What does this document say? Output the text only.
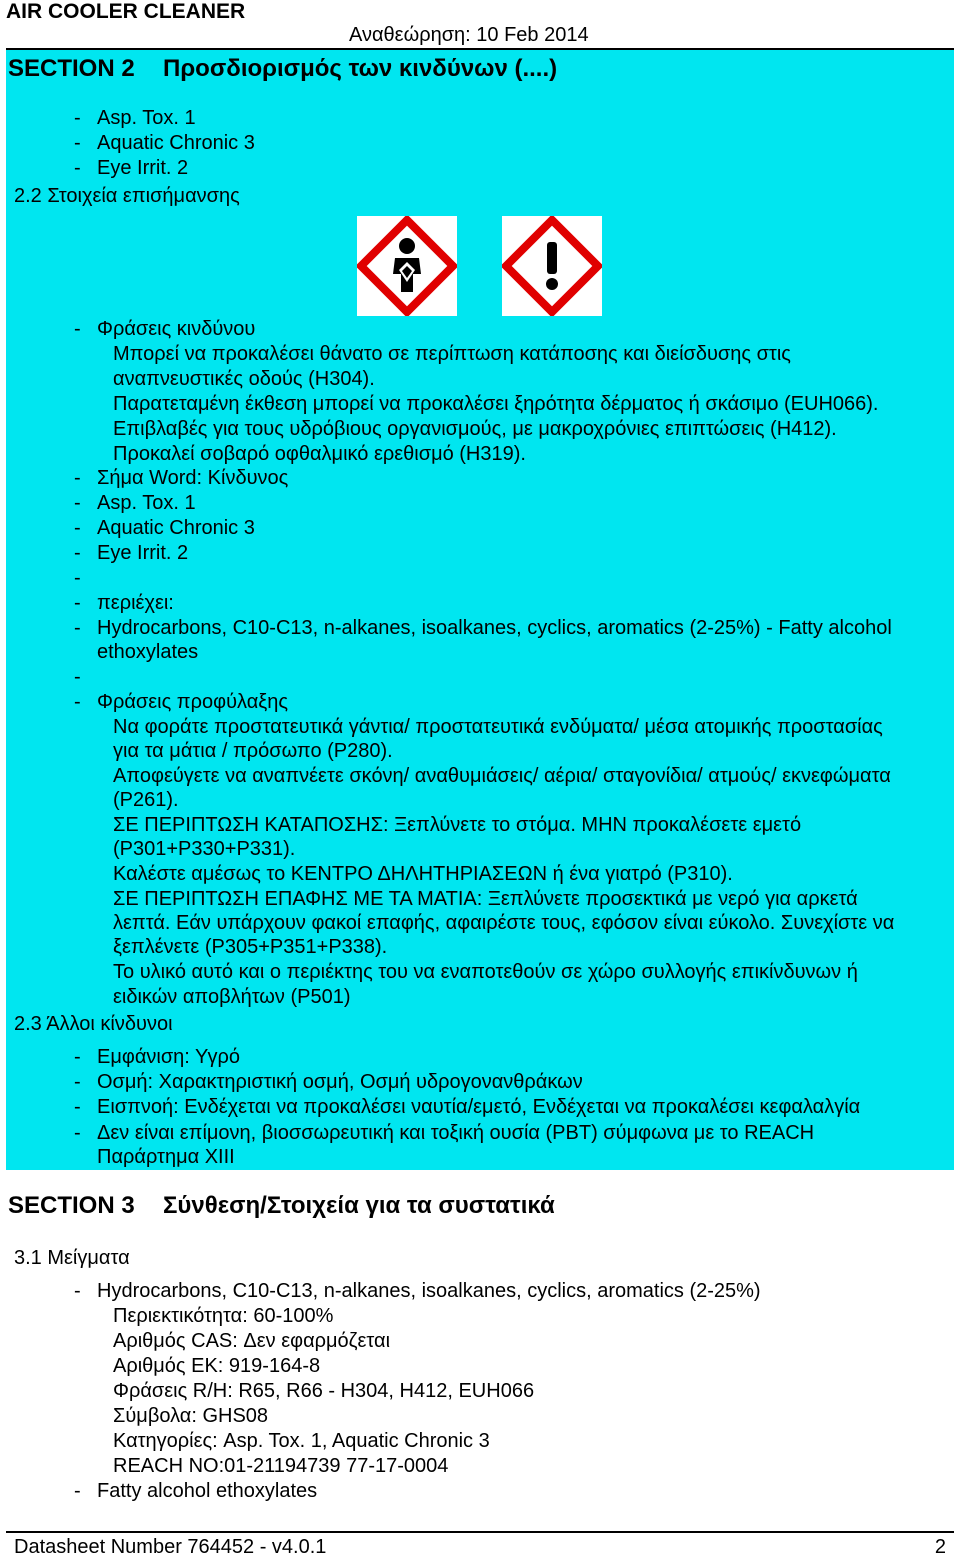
AIR COOLER CLEANER
Αναθεώρηση: 10 Feb 2014
SECTION 2 Προσδιορισμός των κινδύνων (....)
- Asp. Tox. 1
- Aquatic Chronic 3
- Eye Irrit. 2
2.2 Στοιχεία επισήμανσης
- Φράσεις κινδύνου
Μπορεί να προκαλέσει θάνατο σε περίπτωση κατάποσης και διείσδυσης στις
αναπνευστικές οδούς (H304).
Παρατεταμένη έκθεση μπορεί να προκαλέσει ξηρότητα δέρματος ή σκάσιμο (EUH066).
Επιβλαβές για τους υδρόβιους οργανισμούς, με μακροχρόνιες επιπτώσεις (H412).
Προκαλεί σοβαρό οφθαλμικό ερεθισμό (H319).
- Σήμα Word: Κίνδυνος
- Asp. Tox. 1
- Aquatic Chronic 3
- Eye Irrit. 2
-
- περιέχει:
- Hydrocarbons, C10-C13, n-alkanes, isoalkanes, cyclics, aromatics (2-25%) - Fatty alcohol
ethoxylates
-
- Φράσεις προφύλαξης
Να φοράτε προστατευτικά γάντια/ προστατευτικά ενδύματα/ μέσα ατομικής προστασίας
για τα μάτια / πρόσωπο (P280).
Αποφεύγετε να αναπνέετε σκόνη/ αναθυμιάσεις/ αέρια/ σταγονίδια/ ατμούς/ εκνεφώματα
(P261).
ΣΕ ΠΕΡΙΠΤΩΣΗ ΚΑΤΑΠΟΣΗΣ: Ξεπλύνετε το στόμα. ΜΗΝ προκαλέσετε εμετό
(P301+P330+P331).
Καλέστε αμέσως το ΚΕΝΤΡΟ ΔΗΛΗΤΗΡΙΑΣΕΩΝ ή ένα γιατρό (P310).
ΣΕ ΠΕΡΙΠΤΩΣΗ ΕΠΑΦΗΣ ΜΕ ΤΑ ΜΑΤΙΑ: Ξεπλύνετε προσεκτικά με νερό για αρκετά
λεπτά. Εάν υπάρχουν φακοί επαφής, αφαιρέστε τους, εφόσον είναι εύκολο. Συνεχίστε να
ξεπλένετε (P305+P351+P338).
Το υλικό αυτό και ο περιέκτης του να εναποτεθούν σε χώρο συλλογής επικίνδυνων ή
ειδικών αποβλήτων (P501)
2.3 Άλλοι κίνδυνοι
- Εμφάνιση: Υγρό
- Οσμή: Χαρακτηριστική οσμή, Οσμή υδρογονανθράκων
- Εισπνοή: Ενδέχεται να προκαλέσει ναυτία/εμετό, Ενδέχεται να προκαλέσει κεφαλαλγία
- Δεν είναι επίμονη, βιοσσωρευτική και τοξική ουσία (PBT) σύμφωνα με το REACH
Παράρτημα XIII
SECTION 3 Σύνθεση/Στοιχεία για τα συστατικά
3.1 Μείγματα
- Hydrocarbons, C10-C13, n-alkanes, isoalkanes, cyclics, aromatics (2-25%)
Περιεκτικότητα: 60-100%
Αριθμός CAS: Δεν εφαρμόζεται
Αριθμός ΕΚ: 919-164-8
Φράσεις R/H: R65, R66 - H304, H412, EUH066
Σύμβολα: GHS08
Κατηγορίες: Asp. Tox. 1, Aquatic Chronic 3
REACH NO:01-21194739 77-17-0004
- Fatty alcohol ethoxylates
Datasheet Number 764452 - v4.0.1	2
